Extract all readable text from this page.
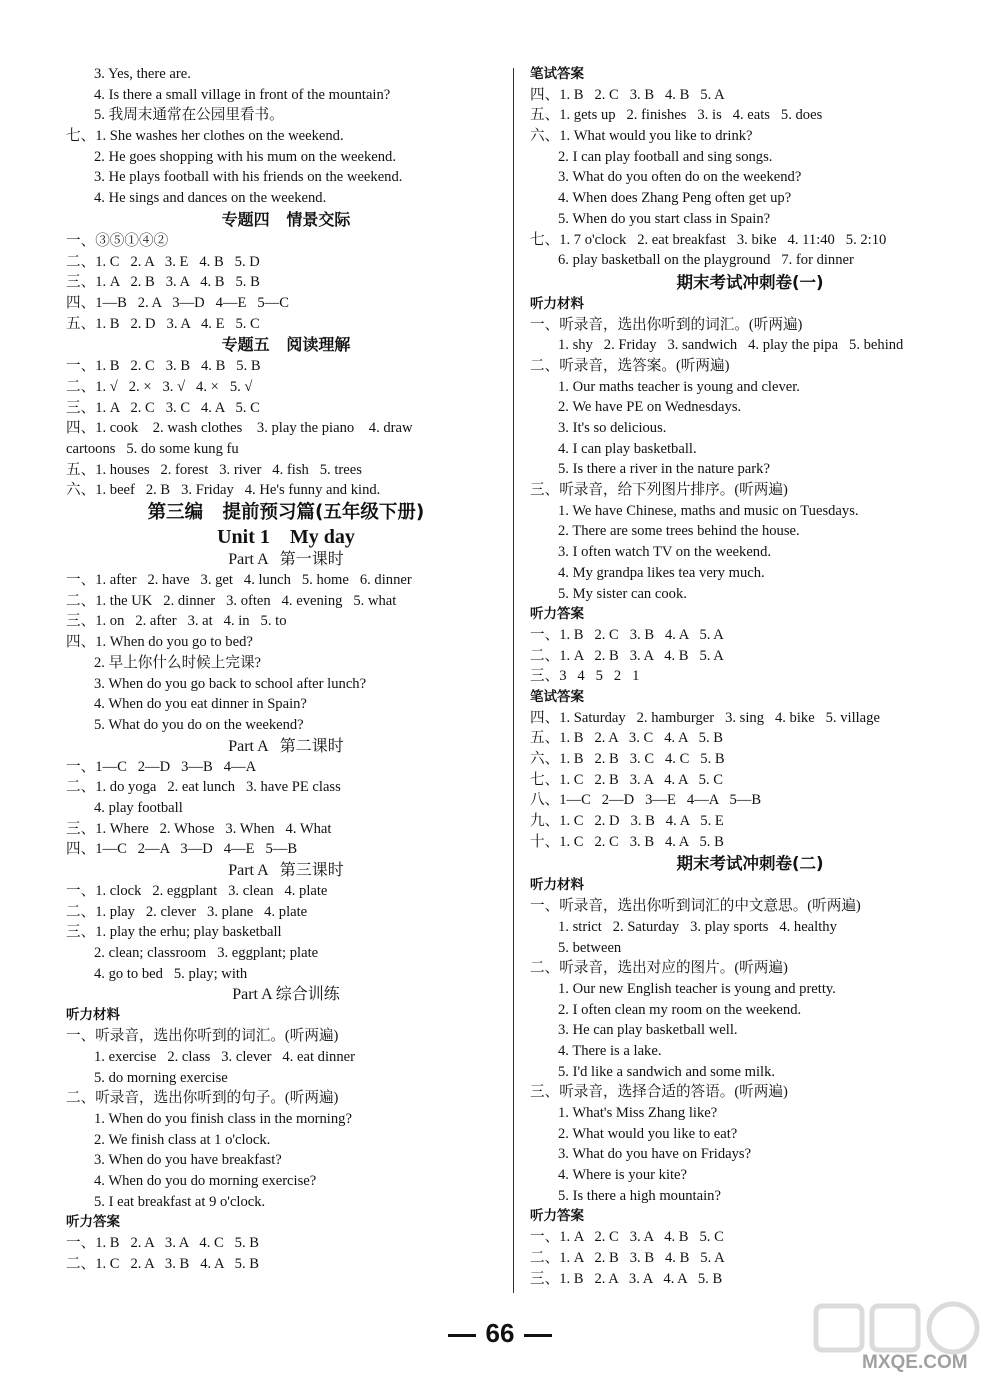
3. Yes, there are.
4. Is there a small village in front of the mountain?
5. 我周末通常在公园里看书。
七、1. She washes her clothes on the weekend.
2. He goes shopping with his mum on the weekend.
3. He plays football with his friends on the weekend.
4. He sings and dances on the weekend.
专题四   情景交际
一、③⑤①④②
二、1. C   2. A   3. E   4. B   5. D
三、1. A   2. B   3. A   4. B   5. B
四、1—B   2. A   3—D   4—E   5—C
五、1. B   2. D   3. A   4. E   5. C
专题五   阅读理解
一、1. B   2. C   3. B   4. B   5. B
二、1. √   2. ×   3. √   4. ×   5. √
三、1. A   2. C   3. C   4. A   5. C
四、1. cook    2. wash clothes    3. play the piano    4. draw
cartoons   5. do some kung fu
五、1. houses   2. forest   3. river   4. fish   5. trees
六、1. beef   2. B   3. Friday   4. He's funny and kind.
第三编   提前预习篇(五年级下册)
Unit 1    My day
Part A   第一课时
一、1. after   2. have   3. get   4. lunch   5. home   6. dinner
二、1. the UK   2. dinner   3. often   4. evening   5. what
三、1. on   2. after   3. at   4. in   5. to
四、1. When do you go to bed?
2. 早上你什么时候上完课?
3. When do you go back to school after lunch?
4. When do you eat dinner in Spain?
5. What do you do on the weekend?
Part A   第二课时
一、1—C   2—D   3—B   4—A
二、1. do yoga   2. eat lunch   3. have PE class
4. play football
三、1. Where   2. Whose   3. When   4. What
四、1—C   2—A   3—D   4—E   5—B
Part A   第三课时
一、1. clock   2. eggplant   3. clean   4. plate
二、1. play   2. clever   3. plane   4. plate
三、1. play the erhu; play basketball
2. clean; classroom   3. eggplant; plate
4. go to bed   5. play; with
Part A 综合训练
听力材料
一、听录音，选出你听到的词汇。(听两遍)
1. exercise   2. class   3. clever   4. eat dinner
5. do morning exercise
二、听录音，选出你听到的句子。(听两遍)
1. When do you finish class in the morning?
2. We finish class at 1 o'clock.
3. When do you have breakfast?
4. When do you do morning exercise?
5. I eat breakfast at 9 o'clock.
听力答案
一、1. B   2. A   3. A   4. C   5. B
二、1. C   2. A   3. B   4. A   5. B
笔试答案
四、1. B   2. C   3. B   4. B   5. A
五、1. gets up   2. finishes   3. is   4. eats   5. does
六、1. What would you like to drink?
2. I can play football and sing songs.
3. What do you often do on the weekend?
4. When does Zhang Peng often get up?
5. When do you start class in Spain?
七、1. 7 o'clock   2. eat breakfast   3. bike   4. 11:40   5. 2:10
6. play basketball on the playground   7. for dinner
期末考试冲刺卷(一)
听力材料
一、听录音，选出你听到的词汇。(听两遍)
1. shy   2. Friday   3. sandwich   4. play the pipa   5. behind
二、听录音，选答案。(听两遍)
1. Our maths teacher is young and clever.
2. We have PE on Wednesdays.
3. It's so delicious.
4. I can play basketball.
5. Is there a river in the nature park?
三、听录音，给下列图片排序。(听两遍)
1. We have Chinese, maths and music on Tuesdays.
2. There are some trees behind the house.
3. I often watch TV on the weekend.
4. My grandpa likes tea very much.
5. My sister can cook.
听力答案
一、1. B   2. C   3. B   4. A   5. A
二、1. A   2. B   3. A   4. B   5. A
三、3   4   5   2   1
笔试答案
四、1. Saturday   2. hamburger   3. sing   4. bike   5. village
五、1. B   2. A   3. C   4. A   5. B
六、1. B   2. B   3. C   4. C   5. B
七、1. C   2. B   3. A   4. A   5. C
八、1—C   2—D   3—E   4—A   5—B
九、1. C   2. D   3. B   4. A   5. E
十、1. C   2. C   3. B   4. A   5. B
期末考试冲刺卷(二)
听力材料
一、听录音，选出你听到词汇的中文意思。(听两遍)
1. strict   2. Saturday   3. play sports   4. healthy
5. between
二、听录音，选出对应的图片。(听两遍)
1. Our new English teacher is young and pretty.
2. I often clean my room on the weekend.
3. He can play basketball well.
4. There is a lake.
5. I'd like a sandwich and some milk.
三、听录音，选择合适的答语。(听两遍)
1. What's Miss Zhang like?
2. What would you like to eat?
3. What do you have on Fridays?
4. Where is your kite?
5. Is there a high mountain?
听力答案
一、1. A   2. C   3. A   4. B   5. C
二、1. A   2. B   3. B   4. B   5. A
三、1. B   2. A   3. A   4. A   5. B
66
MXQE.COM
